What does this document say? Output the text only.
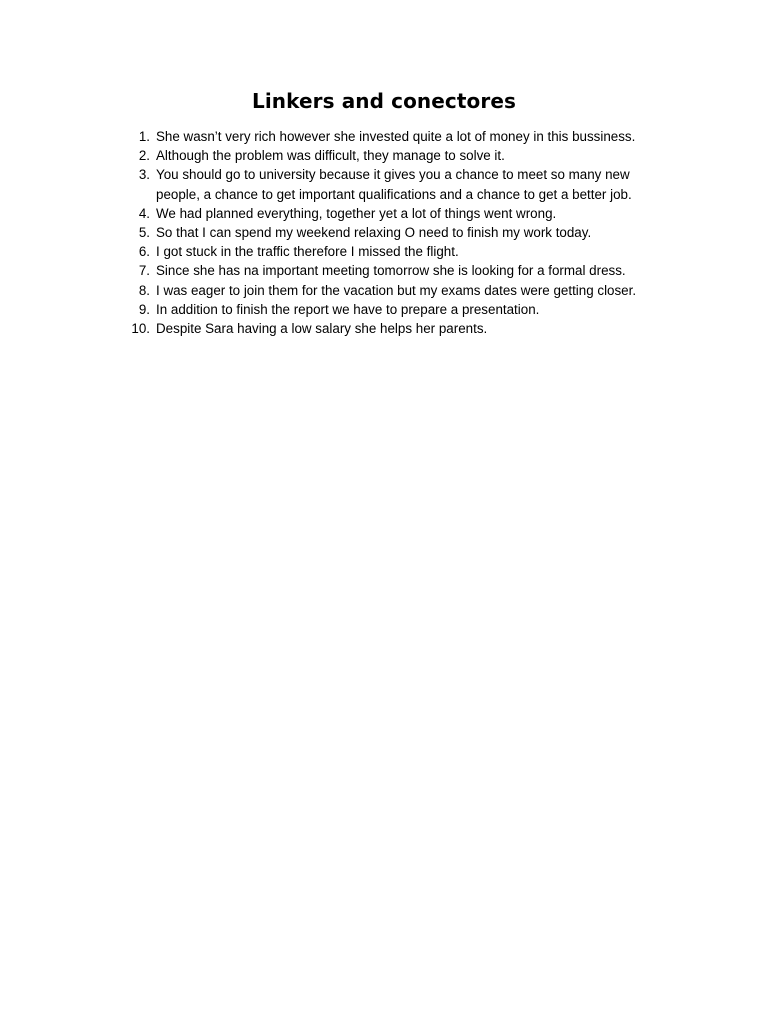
Linkers and conectores
1. She wasn’t very rich however she invested quite a lot of money in this bussiness.
2. Although the problem was difficult, they manage to solve it.
3. You should go to university because it gives you a chance to meet so many new people, a chance to get important qualifications and a chance to get a better job.
4. We had planned everything, together yet a lot of things went wrong.
5. So that I can spend my weekend relaxing O need to finish my work today.
6. I got stuck in the traffic therefore I missed the flight.
7. Since she has na important meeting tomorrow she is looking for a formal dress.
8. I was eager to join them for the vacation but my exams dates were getting closer.
9. In addition to finish the report we have to prepare a presentation.
10. Despite Sara having a low salary she helps her parents.
